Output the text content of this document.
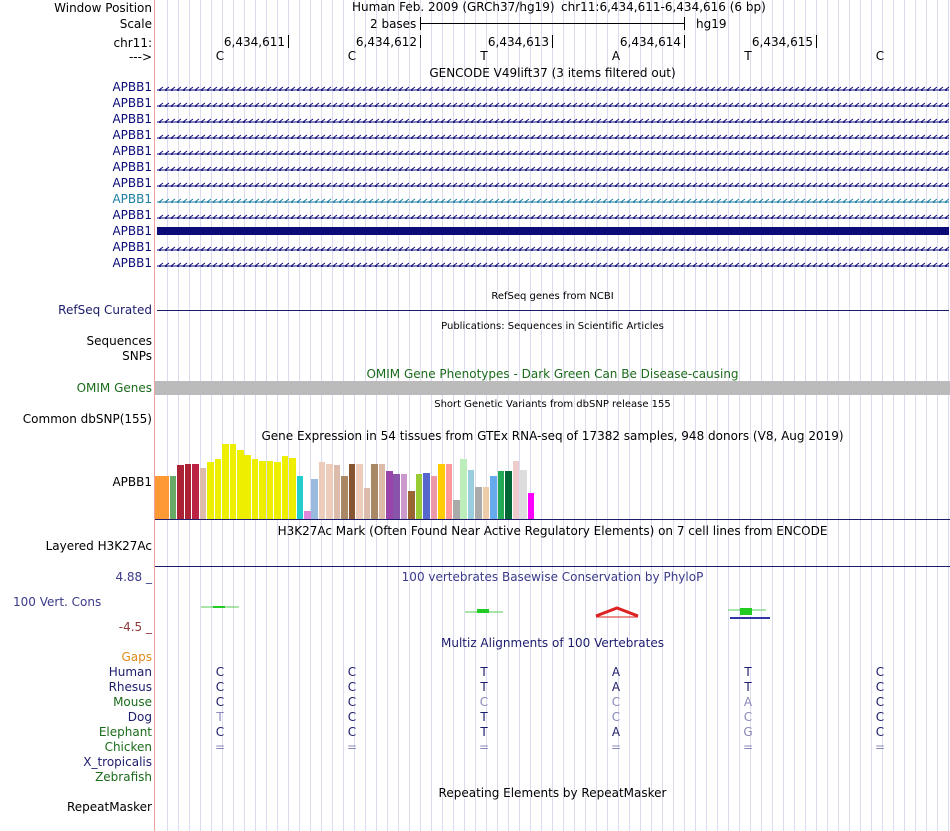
Window Position
Scale
chr11:
--->
Human Feb. 2009 (GRCh37/hg19) chr11:6,434,611-6,434,616 (6 bp)
2 bases	hg19
6,434,611	6,434,612	6,434,613	6,434,614	6,434,615
C	C	T	A	T	C
GENCODE V49lift37 (3 items filtered out)
APBB1
APBB1
APBB1
APBB1
APBB1
APBB1
APBB1
APBB1
APBB1
APBB1
APBB1
APBB1
RefSeq genes from NCBI
RefSeq Curated
Publications: Sequences in Scientific Articles
Sequences
SNPs
OMIM Gene Phenotypes - Dark Green Can Be Disease-causing
OMIM Genes
Short Genetic Variants from dbSNP release 155
Common dbSNP(155)
Gene Expression in 54 tissues from GTEx RNA-seq of 17382 samples, 948 donors (V8, Aug 2019)
APBB1
H3K27Ac Mark (Often Found Near Active Regulatory Elements) on 7 cell lines from ENCODE
Layered H3K27Ac
100 vertebrates Basewise Conservation by PhyloP
4.88 _
100 Vert. Cons
-4.5 _
Multiz Alignments of 100 Vertebrates
Gaps
Human	C	C	T	A	T	C
Rhesus	C	C	T	A	T	C
Mouse	C	C	C	C	A	C
Dog	T	C	T	C	C	C
Elephant	C	C	T	A	G	C
Chicken	=	=	=	=	=	=
X_tropicalis
Zebrafish
Repeating Elements by RepeatMasker
RepeatMasker
